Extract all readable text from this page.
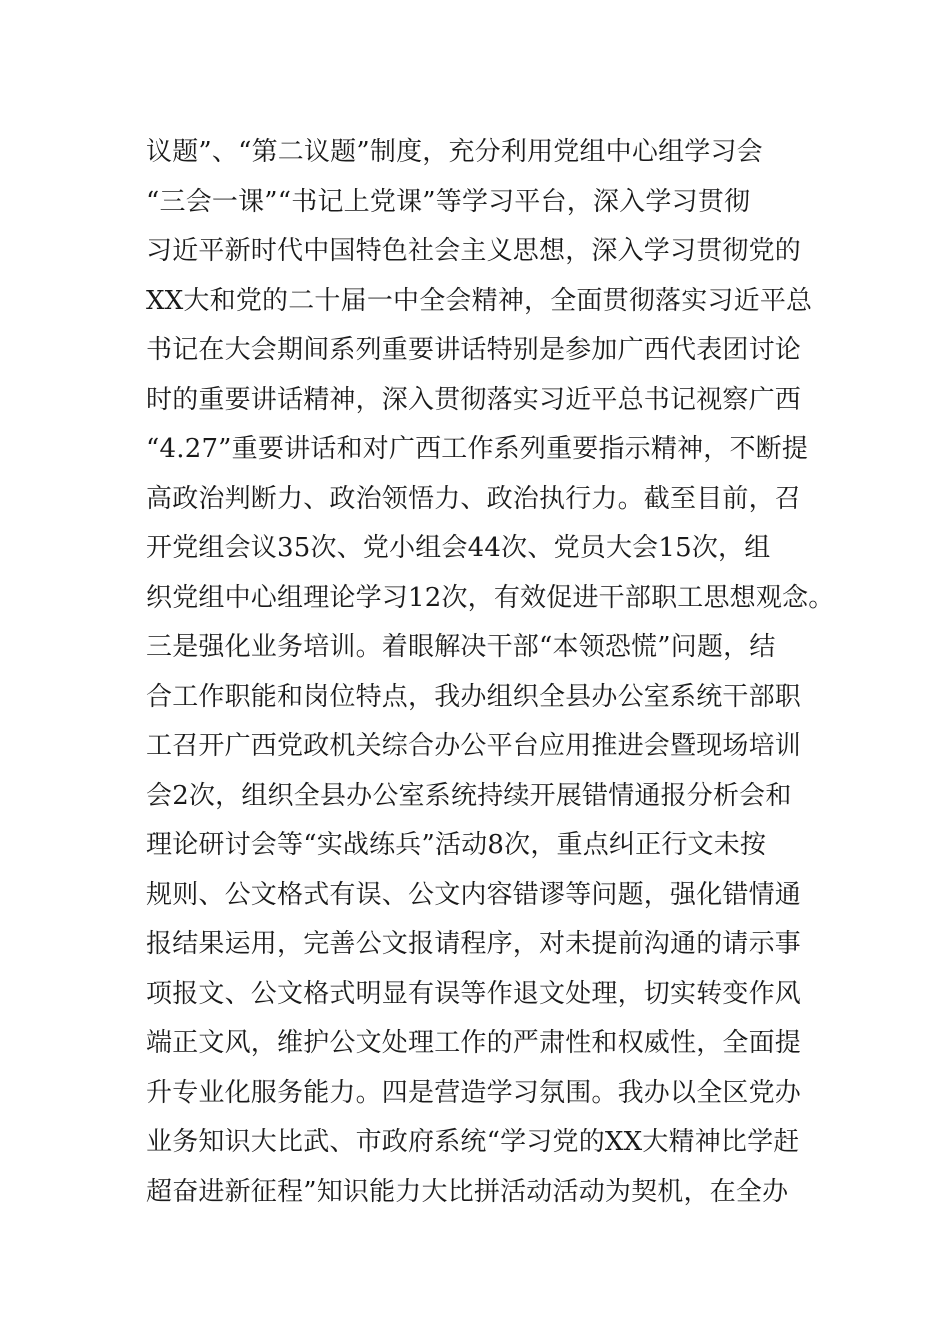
议题”、“第二议题”制度，充分利用党组中心组学习会
“三会一课”“书记上党课”等学习平台，深入学习贯彻
习近平新时代中国特色社会主义思想，深入学习贯彻党的
XX大和党的二十届一中全会精神，全面贯彻落实习近平总
书记在大会期间系列重要讲话特别是参加广西代表团讨论
时的重要讲话精神，深入贯彻落实习近平总书记视察广西
“4.27”重要讲话和对广西工作系列重要指示精神，不断提
高政治判断力、政治领悟力、政治执行力。截至目前，召
开党组会议35次、党小组会44次、党员大会15次，组
织党组中心组理论学习12次，有效促进干部职工思想观念。
三是强化业务培训。着眼解决干部“本领恐慌”问题，结
合工作职能和岗位特点，我办组织全县办公室系统干部职
工召开广西党政机关综合办公平台应用推进会暨现场培训
会2次，组织全县办公室系统持续开展错情通报分析会和
理论研讨会等“实战练兵”活动8次，重点纠正行文未按
规则、公文格式有误、公文内容错谬等问题，强化错情通
报结果运用，完善公文报请程序，对未提前沟通的请示事
项报文、公文格式明显有误等作退文处理，切实转变作风
端正文风，维护公文处理工作的严肃性和权威性，全面提
升专业化服务能力。四是营造学习氛围。我办以全区党办
业务知识大比武、市政府系统“学习党的XX大精神比学赶
超奋进新征程”知识能力大比拼活动活动为契机，在全办
